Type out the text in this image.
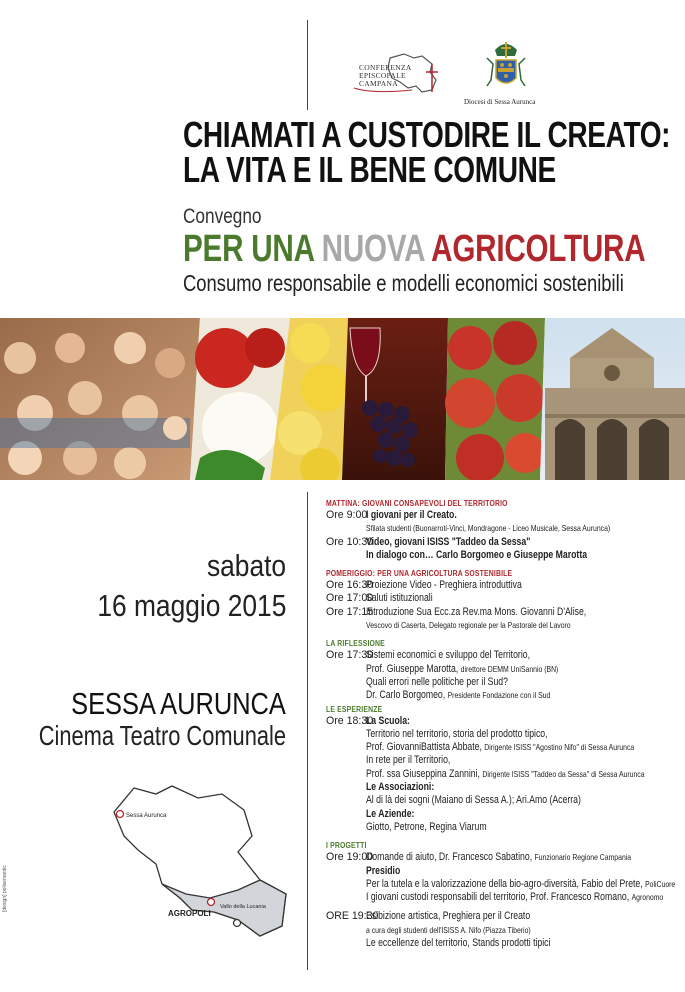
CONFERENZA EPISCOPALE CAMPANA
Diocesi di Sessa Aurunca
CHIAMATI A CUSTODIRE IL CREATO:
LA VITA E IL BENE COMUNE
Convegno
PER UNA NUOVA AGRICOLTURA
Consumo responsabile e modelli economici sostenibili
sabato
16 maggio 2015
SESSA AURUNCA
Cinema Teatro Comunale
Sessa Aurunca
AGROPOLI
Vallo della Lucania
[design] polisemantic
MATTINA: GIOVANI CONSAPEVOLI DEL TERRITORIO
Ore 9:00
I giovani per il Creato.
Sfilata studenti (Buonarroti-Vinci, Mondragone - Liceo Musicale, Sessa Aurunca)
Ore 10:30
Video, giovani ISISS "Taddeo da Sessa"
In dialogo con… Carlo Borgomeo e Giuseppe Marotta
POMERIGGIO: PER UNA AGRICOLTURA SOSTENIBILE
Ore 16:30
Proiezione Video - Preghiera introduttiva
Ore 17:00
Saluti istituzionali
Ore 17:15
Introduzione Sua Ecc.za Rev.ma Mons. Giovanni D'Alise,
Vescovo di Caserta, Delegato regionale per la Pastorale del Lavoro
LA RIFLESSIONE
Ore 17:30
Sistemi economici e sviluppo del Territorio,
Prof. Giuseppe Marotta, direttore DEMM UniSannio (BN)
Quali errori nelle politiche per il Sud?
Dr. Carlo Borgomeo, Presidente Fondazione con il Sud
LE ESPERIENZE
Ore 18:30
La Scuola:
Territorio nel territorio, storia del prodotto tipico,
Prof. GiovanniBattista Abbate, Dirigente ISISS "Agostino Nifo" di Sessa Aurunca
In rete per il Territorio,
Prof. ssa Giuseppina Zannini, Dirigente ISISS "Taddeo da Sessa" di Sessa Aurunca
Le Associazioni:
Al di là dei sogni (Maiano di Sessa A.); Ari.Amo (Acerra)
Le Aziende:
Giotto, Petrone, Regina Viarum
I PROGETTI
Ore 19:00
Domande di aiuto, Dr. Francesco Sabatino, Funzionario Regione Campania
Presidio
Per la tutela e la valorizzazione della bio-agro-diversità, Fabio del Prete, PoliCuore
I giovani custodi responsabili del territorio, Prof. Francesco Romano, Agronomo
ORE 19:30
Esibizione artistica, Preghiera per il Creato
a cura degli studenti dell'ISISS A. Nifo (Piazza Tiberio)
Le eccellenze del territorio, Stands prodotti tipici
